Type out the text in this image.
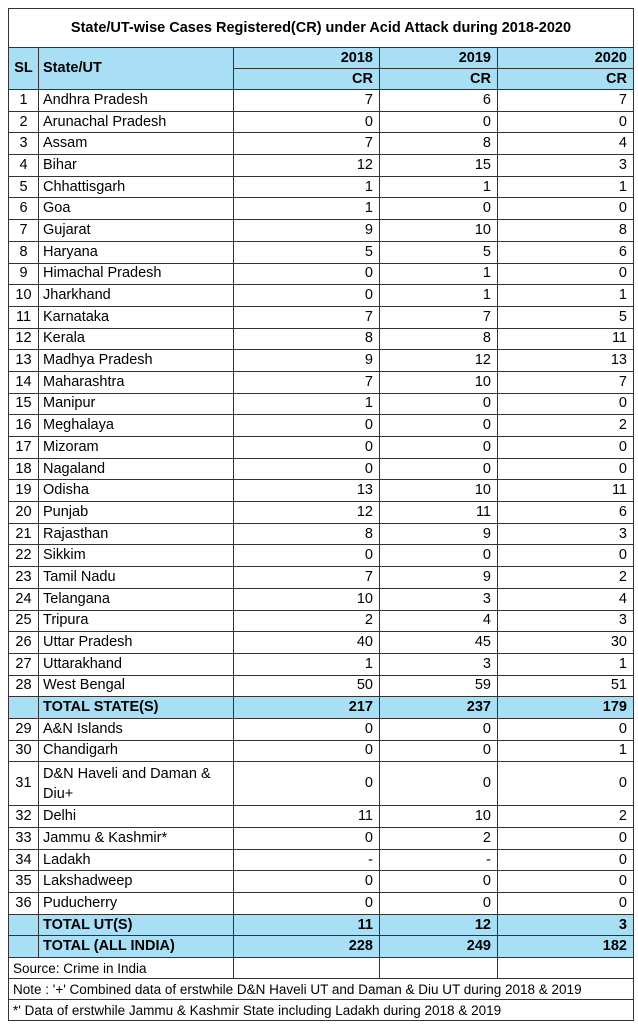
State/UT-wise Cases Registered(CR) under Acid Attack during 2018-2020				
SL	State/UT	2018	2019	2020
		CR	CR	CR
1	Andhra Pradesh	7	6	7
2	Arunachal Pradesh	0	0	0
3	Assam	7	8	4
4	Bihar	12	15	3
5	Chhattisgarh	1	1	1
6	Goa	1	0	0
7	Gujarat	9	10	8
8	Haryana	5	5	6
9	Himachal Pradesh	0	1	0
10	Jharkhand	0	1	1
11	Karnataka	7	7	5
12	Kerala	8	8	11
13	Madhya Pradesh	9	12	13
14	Maharashtra	7	10	7
15	Manipur	1	0	0
16	Meghalaya	0	0	2
17	Mizoram	0	0	0
18	Nagaland	0	0	0
19	Odisha	13	10	11
20	Punjab	12	11	6
21	Rajasthan	8	9	3
22	Sikkim	0	0	0
23	Tamil Nadu	7	9	2
24	Telangana	10	3	4
25	Tripura	2	4	3
26	Uttar Pradesh	40	45	30
27	Uttarakhand	1	3	1
28	West Bengal	50	59	51
	TOTAL STATE(S)	217	237	179
29	A&N Islands	0	0	0
30	Chandigarh	0	0	1
31	D&N Haveli and Daman & Diu+	0	0	0
32	Delhi	11	10	2
33	Jammu & Kashmir*	0	2	0
34	Ladakh	-	-	0
35	Lakshadweep	0	0	0
36	Puducherry	0	0	0
	TOTAL UT(S)	11	12	3
	TOTAL (ALL INDIA)	228	249	182
Source: Crime in India				
Note : '+' Combined data of erstwhile D&N Haveli UT and Daman & Diu UT during 2018 & 2019				
*' Data of erstwhile Jammu & Kashmir State including Ladakh during 2018 & 2019				
